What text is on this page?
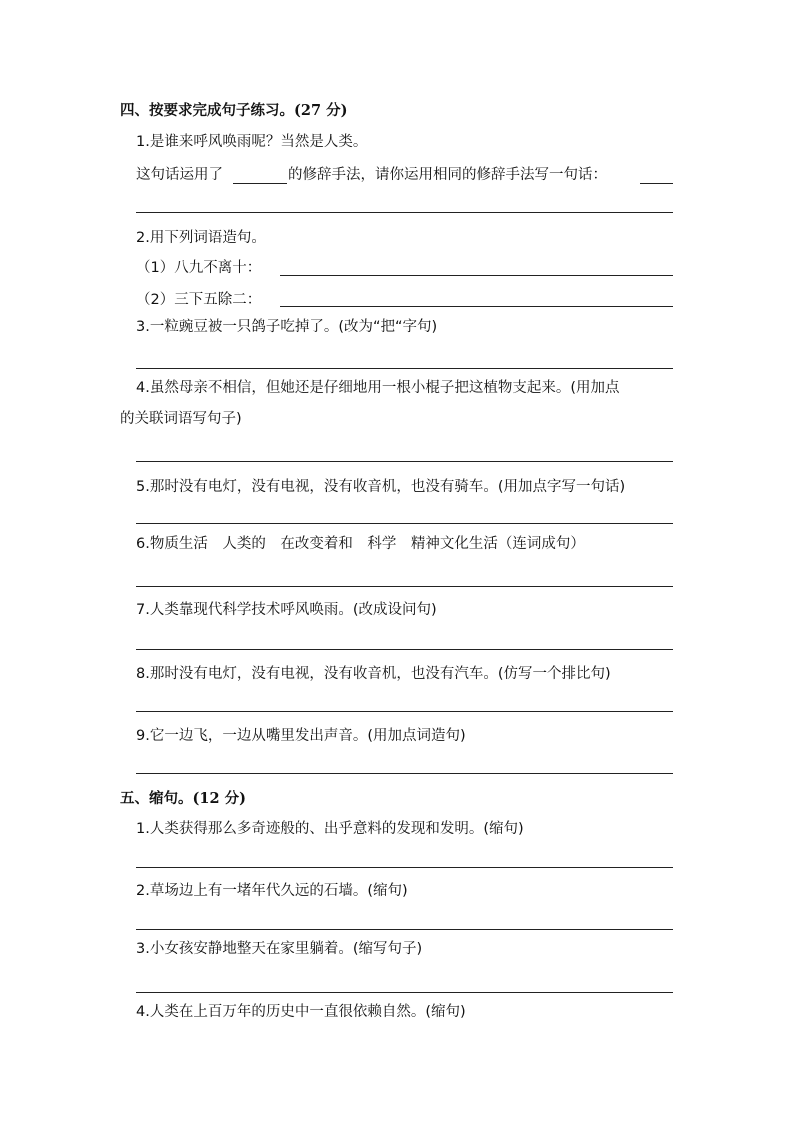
四、按要求完成句子练习。(27 分)
1.是谁来呼风唤雨呢？当然是人类。
这句话运用了	的修辞手法，请你运用相同的修辞手法写一句话：
2.用下列词语造句。
（1）八九不离十：
（2）三下五除二：
3.一粒豌豆被一只鸽子吃掉了。(改为“把“字句)
4.虽然母亲不相信，但她还是仔细地用一根小棍子把这植物支起来。(用加点
的关联词语写句子)
5.那时没有电灯，没有电视，没有收音机，也没有骑车。(用加点字写一句话)
6.物质生活　人类的　在改变着和　科学　精神文化生活（连词成句）
7.人类靠现代科学技术呼风唤雨。(改成设问句)
8.那时没有电灯，没有电视，没有收音机，也没有汽车。(仿写一个排比句)
9.它一边飞，一边从嘴里发出声音。(用加点词造句)
五、缩句。(12 分)
1.人类获得那么多奇迹般的、出乎意料的发现和发明。(缩句)
2.草场边上有一堵年代久远的石墙。(缩句)
3.小女孩安静地整天在家里躺着。(缩写句子)
4.人类在上百万年的历史中一直很依赖自然。(缩句)
